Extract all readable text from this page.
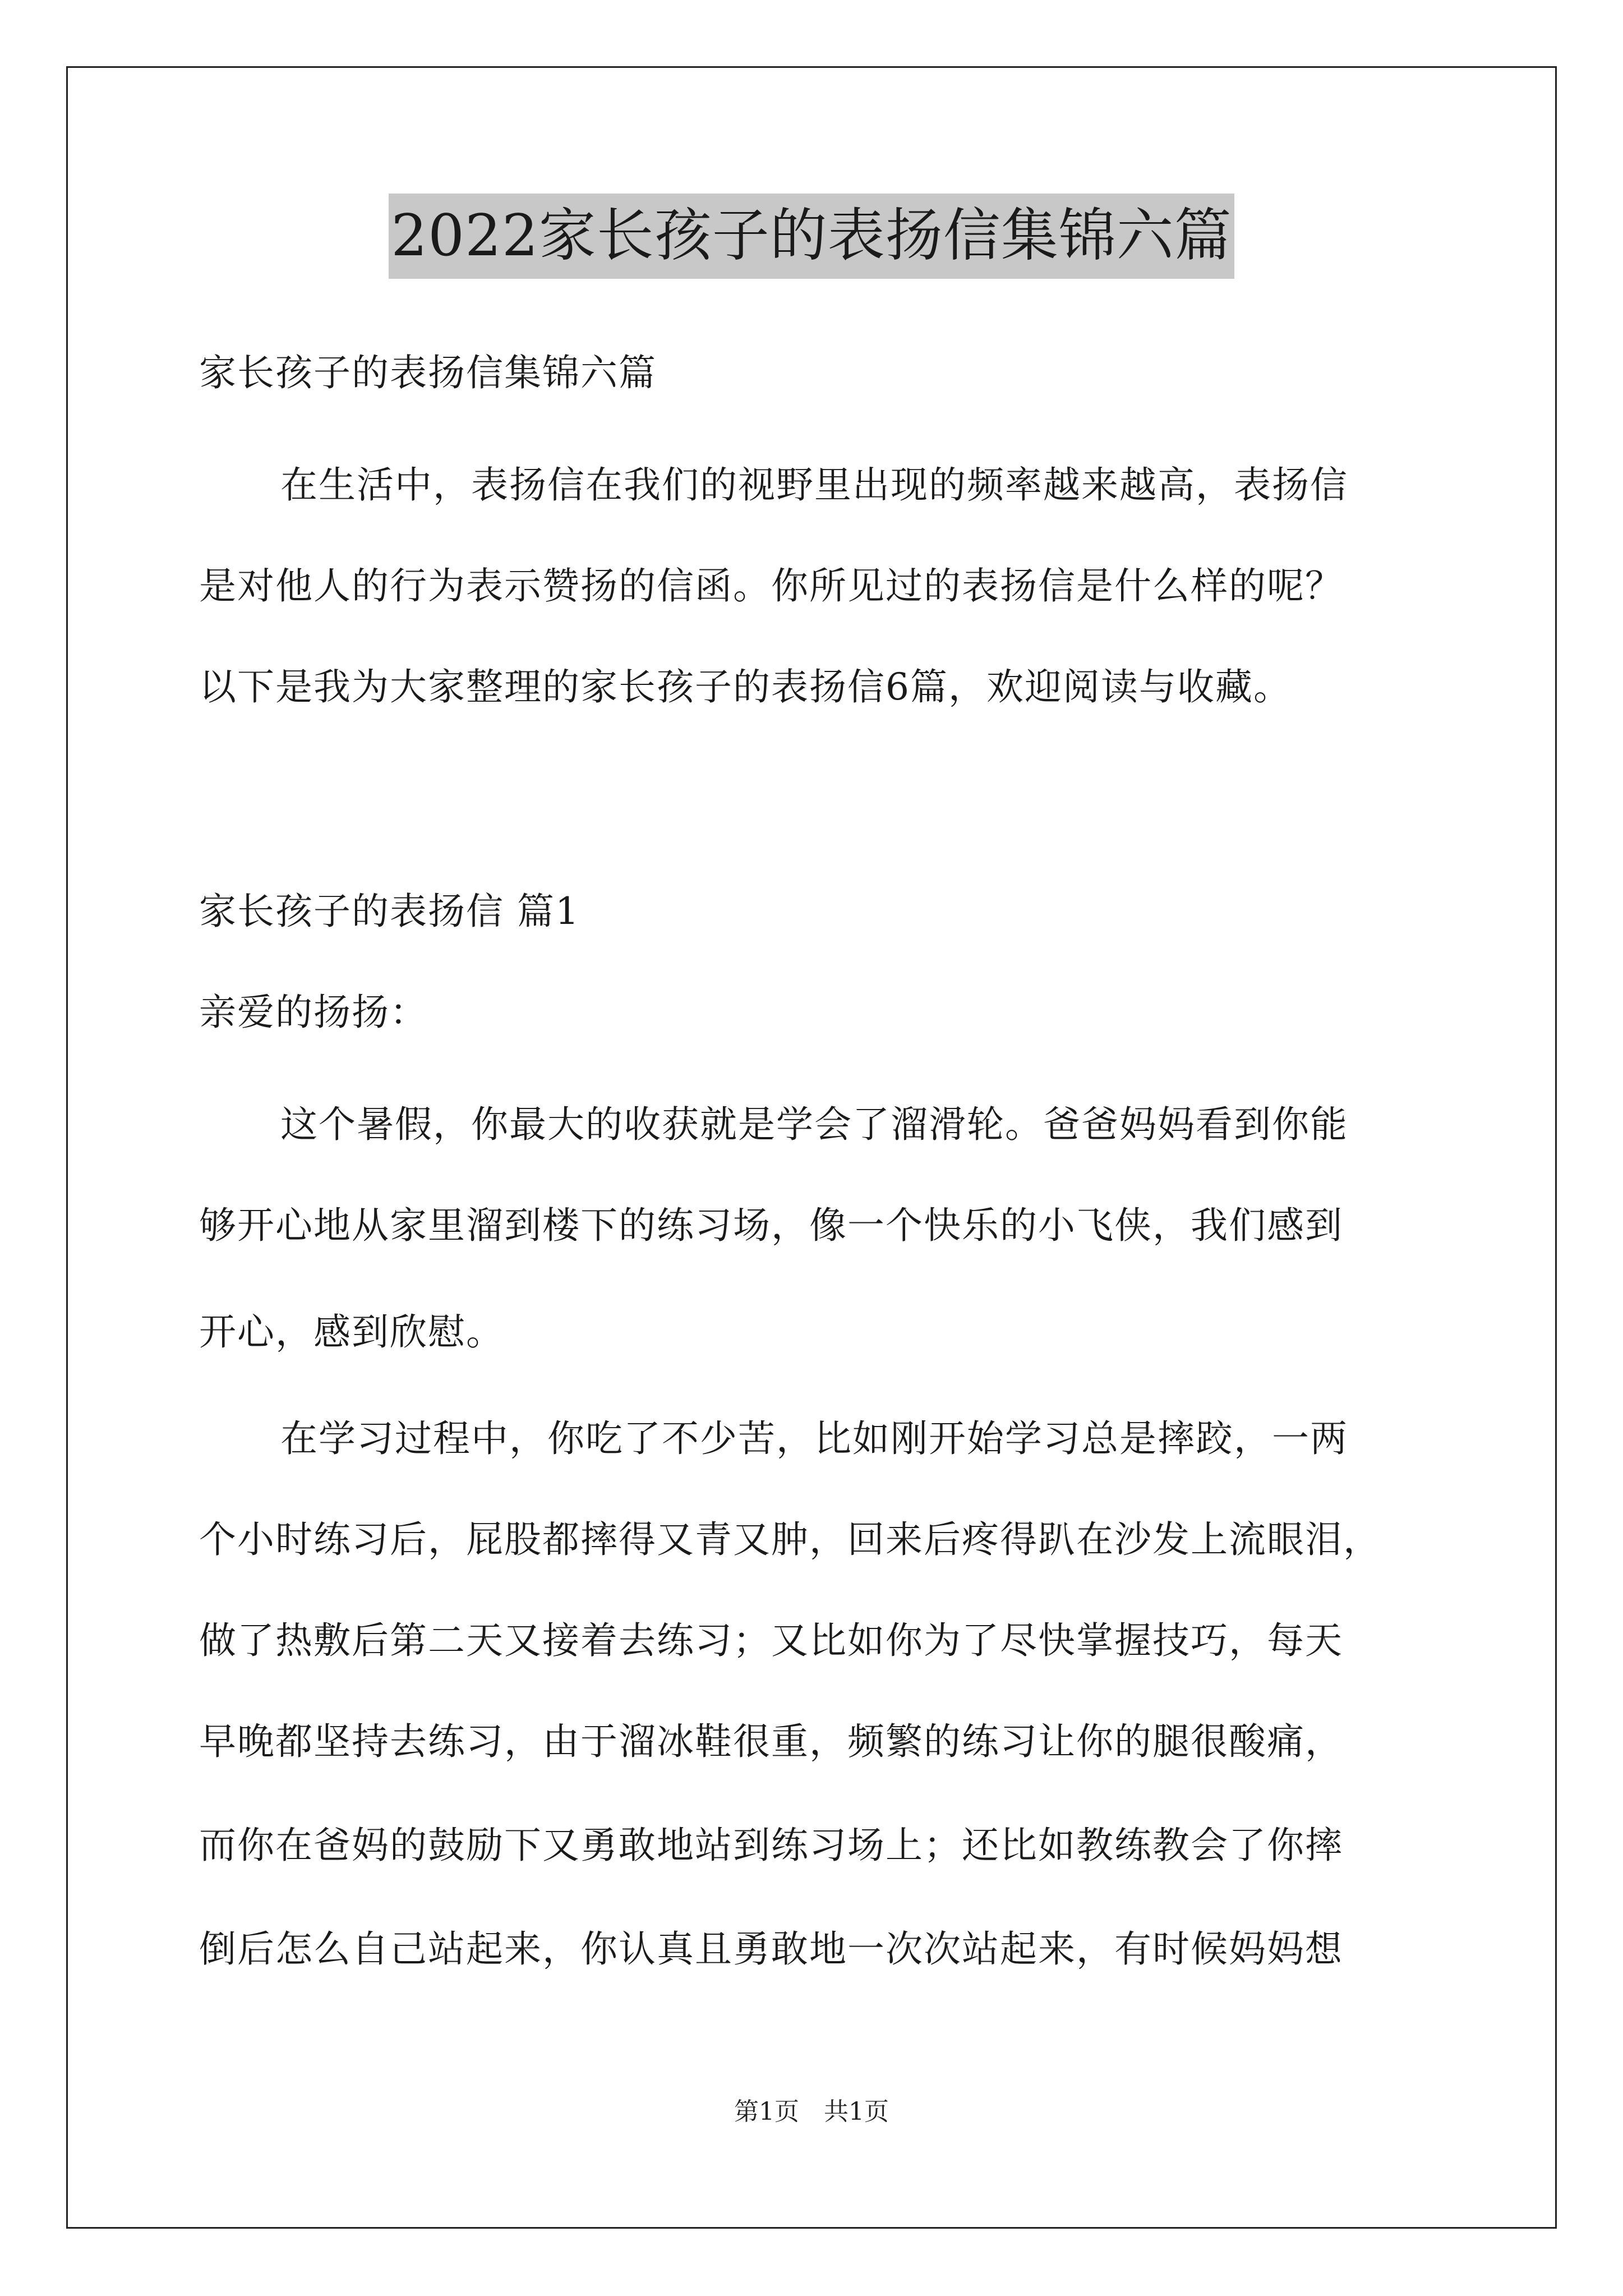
2022家长孩子的表扬信集锦六篇
家长孩子的表扬信集锦六篇
在生活中，表扬信在我们的视野里出现的频率越来越高，表扬信
是对他人的行为表示赞扬的信函。你所见过的表扬信是什么样的呢？
以下是我为大家整理的家长孩子的表扬信6篇，欢迎阅读与收藏。
家长孩子的表扬信 篇1
亲爱的扬扬：
这个暑假，你最大的收获就是学会了溜滑轮。爸爸妈妈看到你能
够开心地从家里溜到楼下的练习场，像一个快乐的小飞侠，我们感到
开心，感到欣慰。
在学习过程中，你吃了不少苦，比如刚开始学习总是摔跤，一两
个小时练习后，屁股都摔得又青又肿，回来后疼得趴在沙发上流眼泪，
做了热敷后第二天又接着去练习；又比如你为了尽快掌握技巧，每天
早晚都坚持去练习，由于溜冰鞋很重，频繁的练习让你的腿很酸痛，
而你在爸妈的鼓励下又勇敢地站到练习场上；还比如教练教会了你摔
倒后怎么自己站起来，你认真且勇敢地一次次站起来，有时候妈妈想
第1页　共1页
